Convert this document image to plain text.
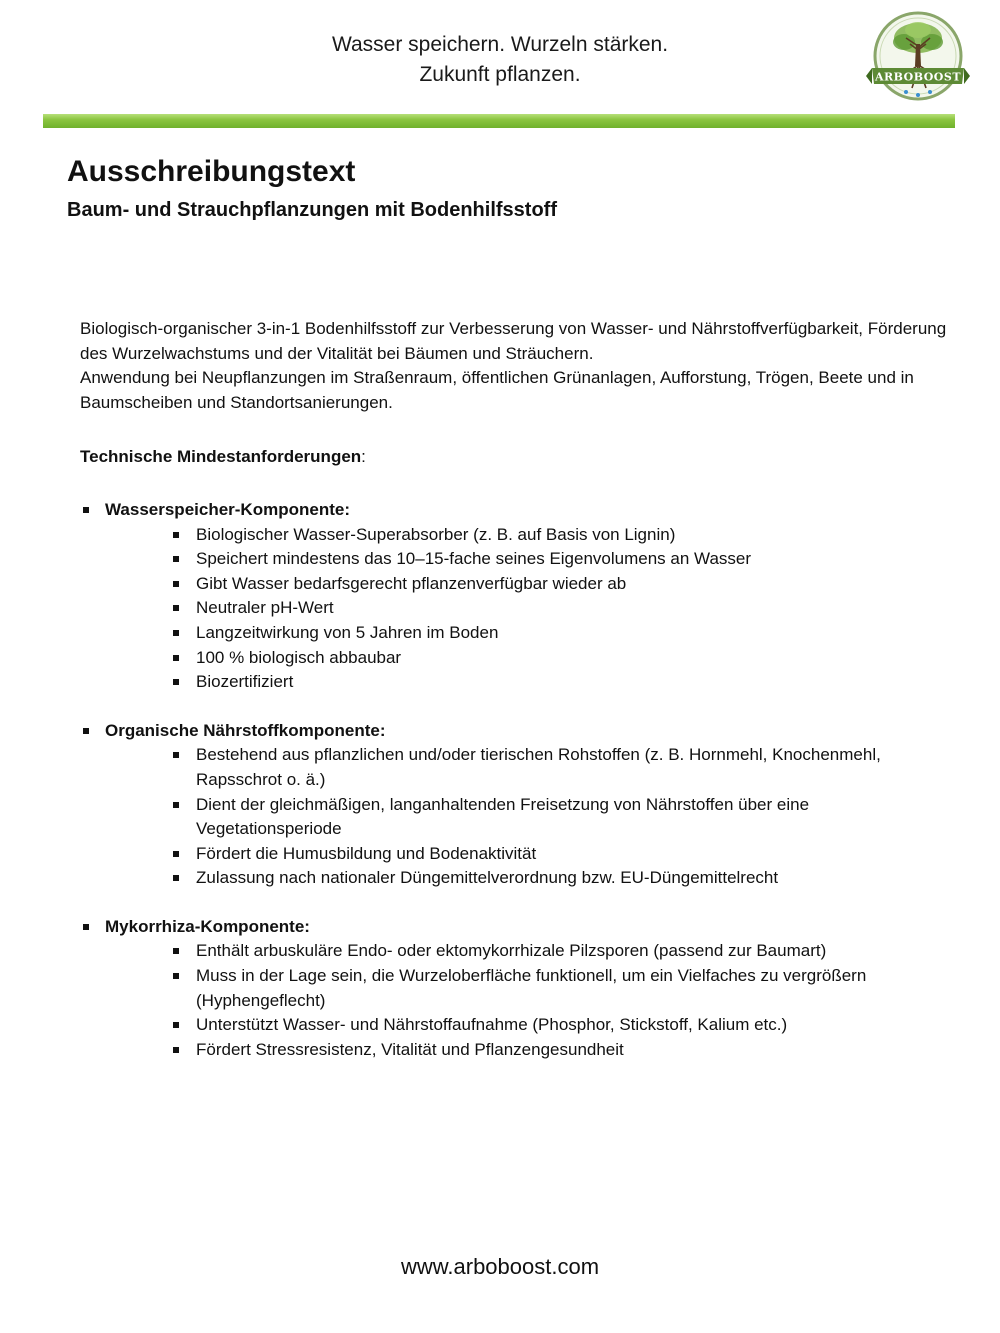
Wasser speichern. Wurzeln stärken.
Zukunft pflanzen.	ARBOBOOST
Ausschreibungstext
Baum- und Strauchpflanzungen mit Bodenhilfsstoff

Biologisch-organischer 3-in-1 Bodenhilfsstoff zur Verbesserung von Wasser- und Nährstoffverfügbarkeit, Förderung des Wurzelwachstums und der Vitalität bei Bäumen und Sträuchern.

Anwendung bei Neupflanzungen im Straßenraum, öffentlichen Grünanlagen, Aufforstung, Trögen, Beete und in Baumscheiben und Standortsanierungen.

Technische Mindestanforderungen:
Wasserspeicher-Komponente:
Biologischer Wasser-Superabsorber (z. B. auf Basis von Lignin)
Speichert mindestens das 10–15-fache seines Eigenvolumens an Wasser
Gibt Wasser bedarfsgerecht pflanzenverfügbar wieder ab
Neutraler pH-Wert
Langzeitwirkung von 5 Jahren im Boden
100 % biologisch abbaubar
Biozertifiziert
Organische Nährstoffkomponente:
Bestehend aus pflanzlichen und/oder tierischen Rohstoffen (z. B. Hornmehl, Knochenmehl, Rapsschrot o. ä.)
Dient der gleichmäßigen, langanhaltenden Freisetzung von Nährstoffen über eine Vegetationsperiode
Fördert die Humusbildung und Bodenaktivität
Zulassung nach nationaler Düngemittelverordnung bzw. EU-Düngemittelrecht
Mykorrhiza-Komponente:
Enthält arbuskuläre Endo- oder ektomykorrhizale Pilzsporen (passend zur Baumart)
Muss in der Lage sein, die Wurzeloberfläche funktionell, um ein Vielfaches zu vergrößern (Hyphengeflecht)
Unterstützt Wasser- und Nährstoffaufnahme (Phosphor, Stickstoff, Kalium etc.)
Fördert Stressresistenz, Vitalität und Pflanzengesundheit
www.arboboost.com
